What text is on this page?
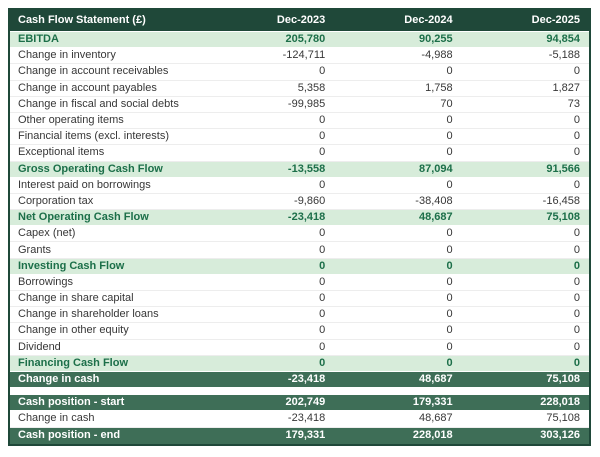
Cash Flow Statement (£)	Dec-2023	Dec-2024	Dec-2025
EBITDA	205,780	90,255	94,854
Change in inventory	-124,711	-4,988	-5,188
Change in account receivables	0	0	0
Change in account payables	5,358	1,758	1,827
Change in fiscal and social debts	-99,985	70	73
Other operating items	0	0	0
Financial items (excl. interests)	0	0	0
Exceptional items	0	0	0
Gross Operating Cash Flow	-13,558	87,094	91,566
Interest paid on borrowings	0	0	0
Corporation tax	-9,860	-38,408	-16,458
Net Operating Cash Flow	-23,418	48,687	75,108
Capex (net)	0	0	0
Grants	0	0	0
Investing Cash Flow	0	0	0
Borrowings	0	0	0
Change in share capital	0	0	0
Change in shareholder loans	0	0	0
Change in other equity	0	0	0
Dividend	0	0	0
Financing Cash Flow	0	0	0
Change in cash	-23,418	48,687	75,108
Cash position - start	202,749	179,331	228,018
Change in cash	-23,418	48,687	75,108
Cash position - end	179,331	228,018	303,126
